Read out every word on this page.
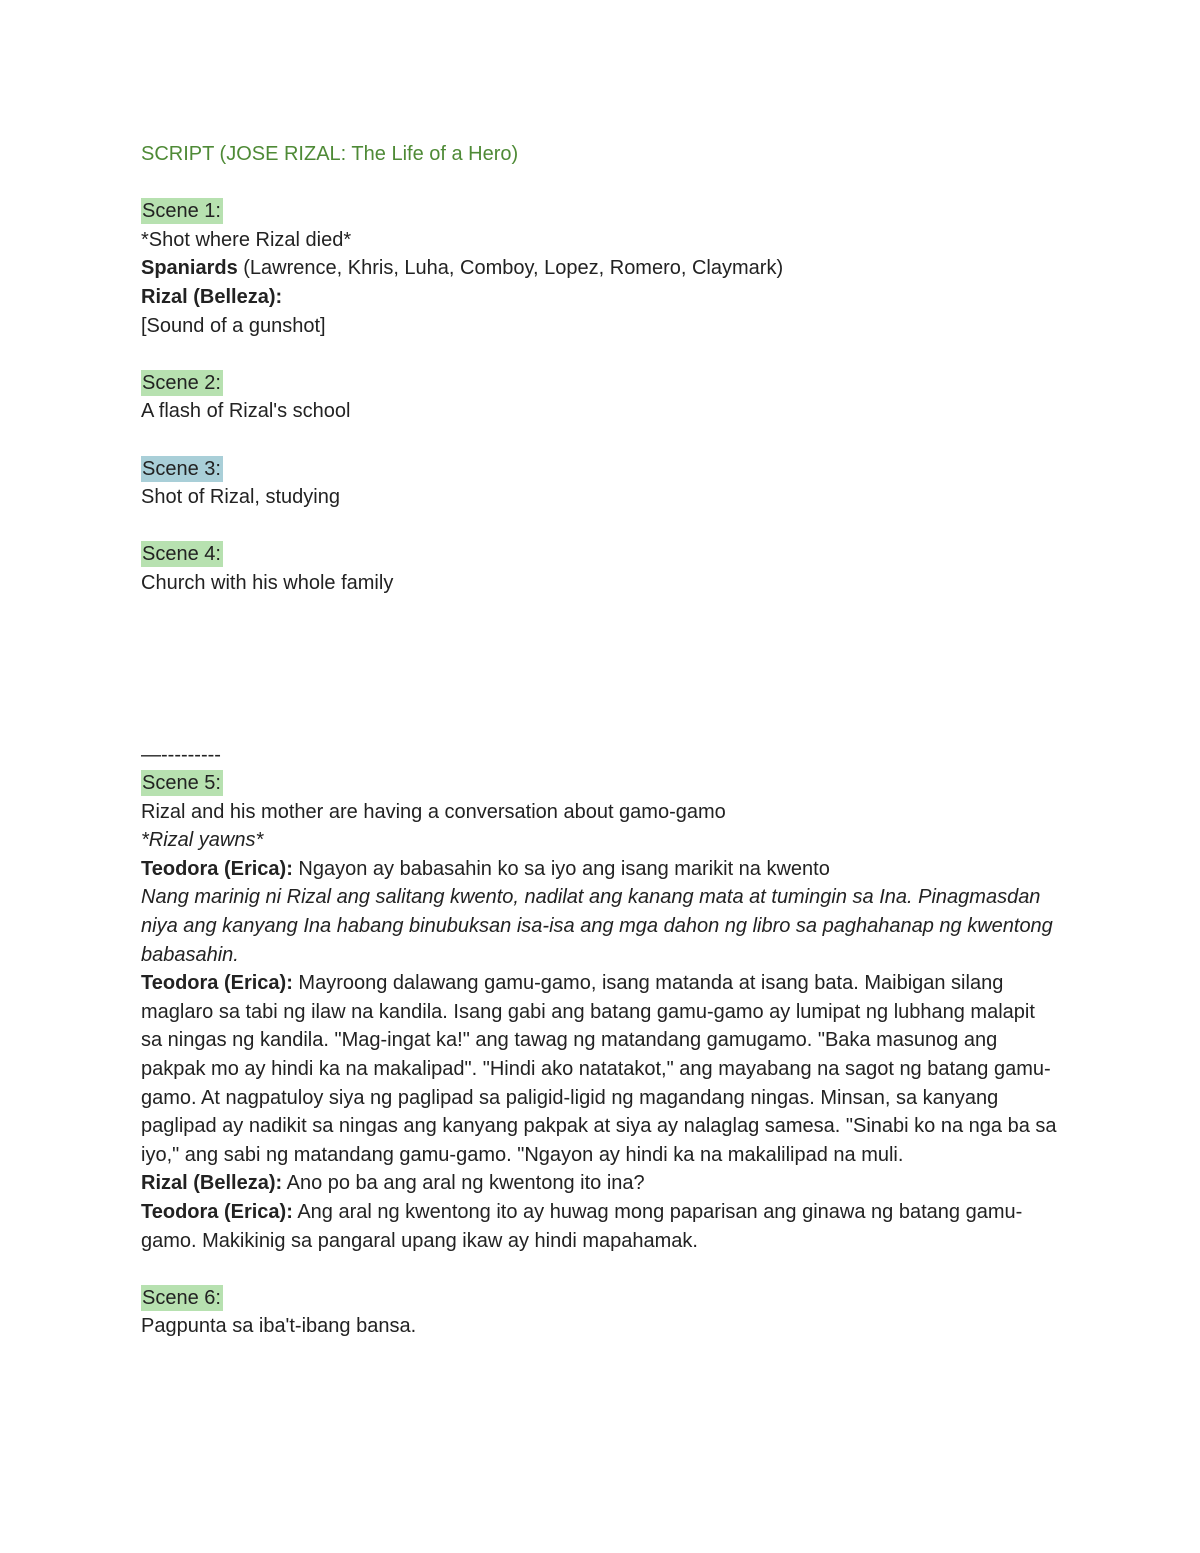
SCRIPT (JOSE RIZAL: The Life of a Hero)
Scene 1:
*Shot where Rizal died*
Spaniards (Lawrence, Khris, Luha, Comboy, Lopez, Romero, Claymark)
Rizal (Belleza):
[Sound of a gunshot]
Scene 2:
A flash of Rizal's school
Scene 3:
Shot of Rizal, studying
Scene 4:
Church with his whole family
—---------
Scene 5:
Rizal and his mother are having a conversation about gamo-gamo
*Rizal yawns*
Teodora (Erica): Ngayon ay babasahin ko sa iyo ang isang marikit na kwento
Nang marinig ni Rizal ang salitang kwento, nadilat ang kanang mata at tumingin sa Ina. Pinagmasdan niya ang kanyang Ina habang binubuksan isa-isa ang mga dahon ng libro sa paghahanap ng kwentong babasahin.
Teodora (Erica): Mayroong dalawang gamu-gamo, isang matanda at isang bata. Maibigan silang maglaro sa tabi ng ilaw na kandila. Isang gabi ang batang gamu-gamo ay lumipat ng lubhang malapit sa ningas ng kandila. "Mag-ingat ka!" ang tawag ng matandang gamugamo. "Baka masunog ang pakpak mo ay hindi ka na makalipad". "Hindi ako natatakot," ang mayabang na sagot ng batang gamu-gamo. At nagpatuloy siya ng paglipad sa paligid-ligid ng magandang ningas. Minsan, sa kanyang paglipad ay nadikit sa ningas ang kanyang pakpak at siya ay nalaglag samesa. "Sinabi ko na nga ba sa iyo," ang sabi ng matandang gamu-gamo. "Ngayon ay hindi ka na makalilipad na muli.
Rizal (Belleza): Ano po ba ang aral ng kwentong ito ina?
Teodora (Erica): Ang aral ng kwentong ito ay huwag mong paparisan ang ginawa ng batang gamu-gamo. Makikinig sa pangaral upang ikaw ay hindi mapahamak.
Scene 6:
Pagpunta sa iba't-ibang bansa.
